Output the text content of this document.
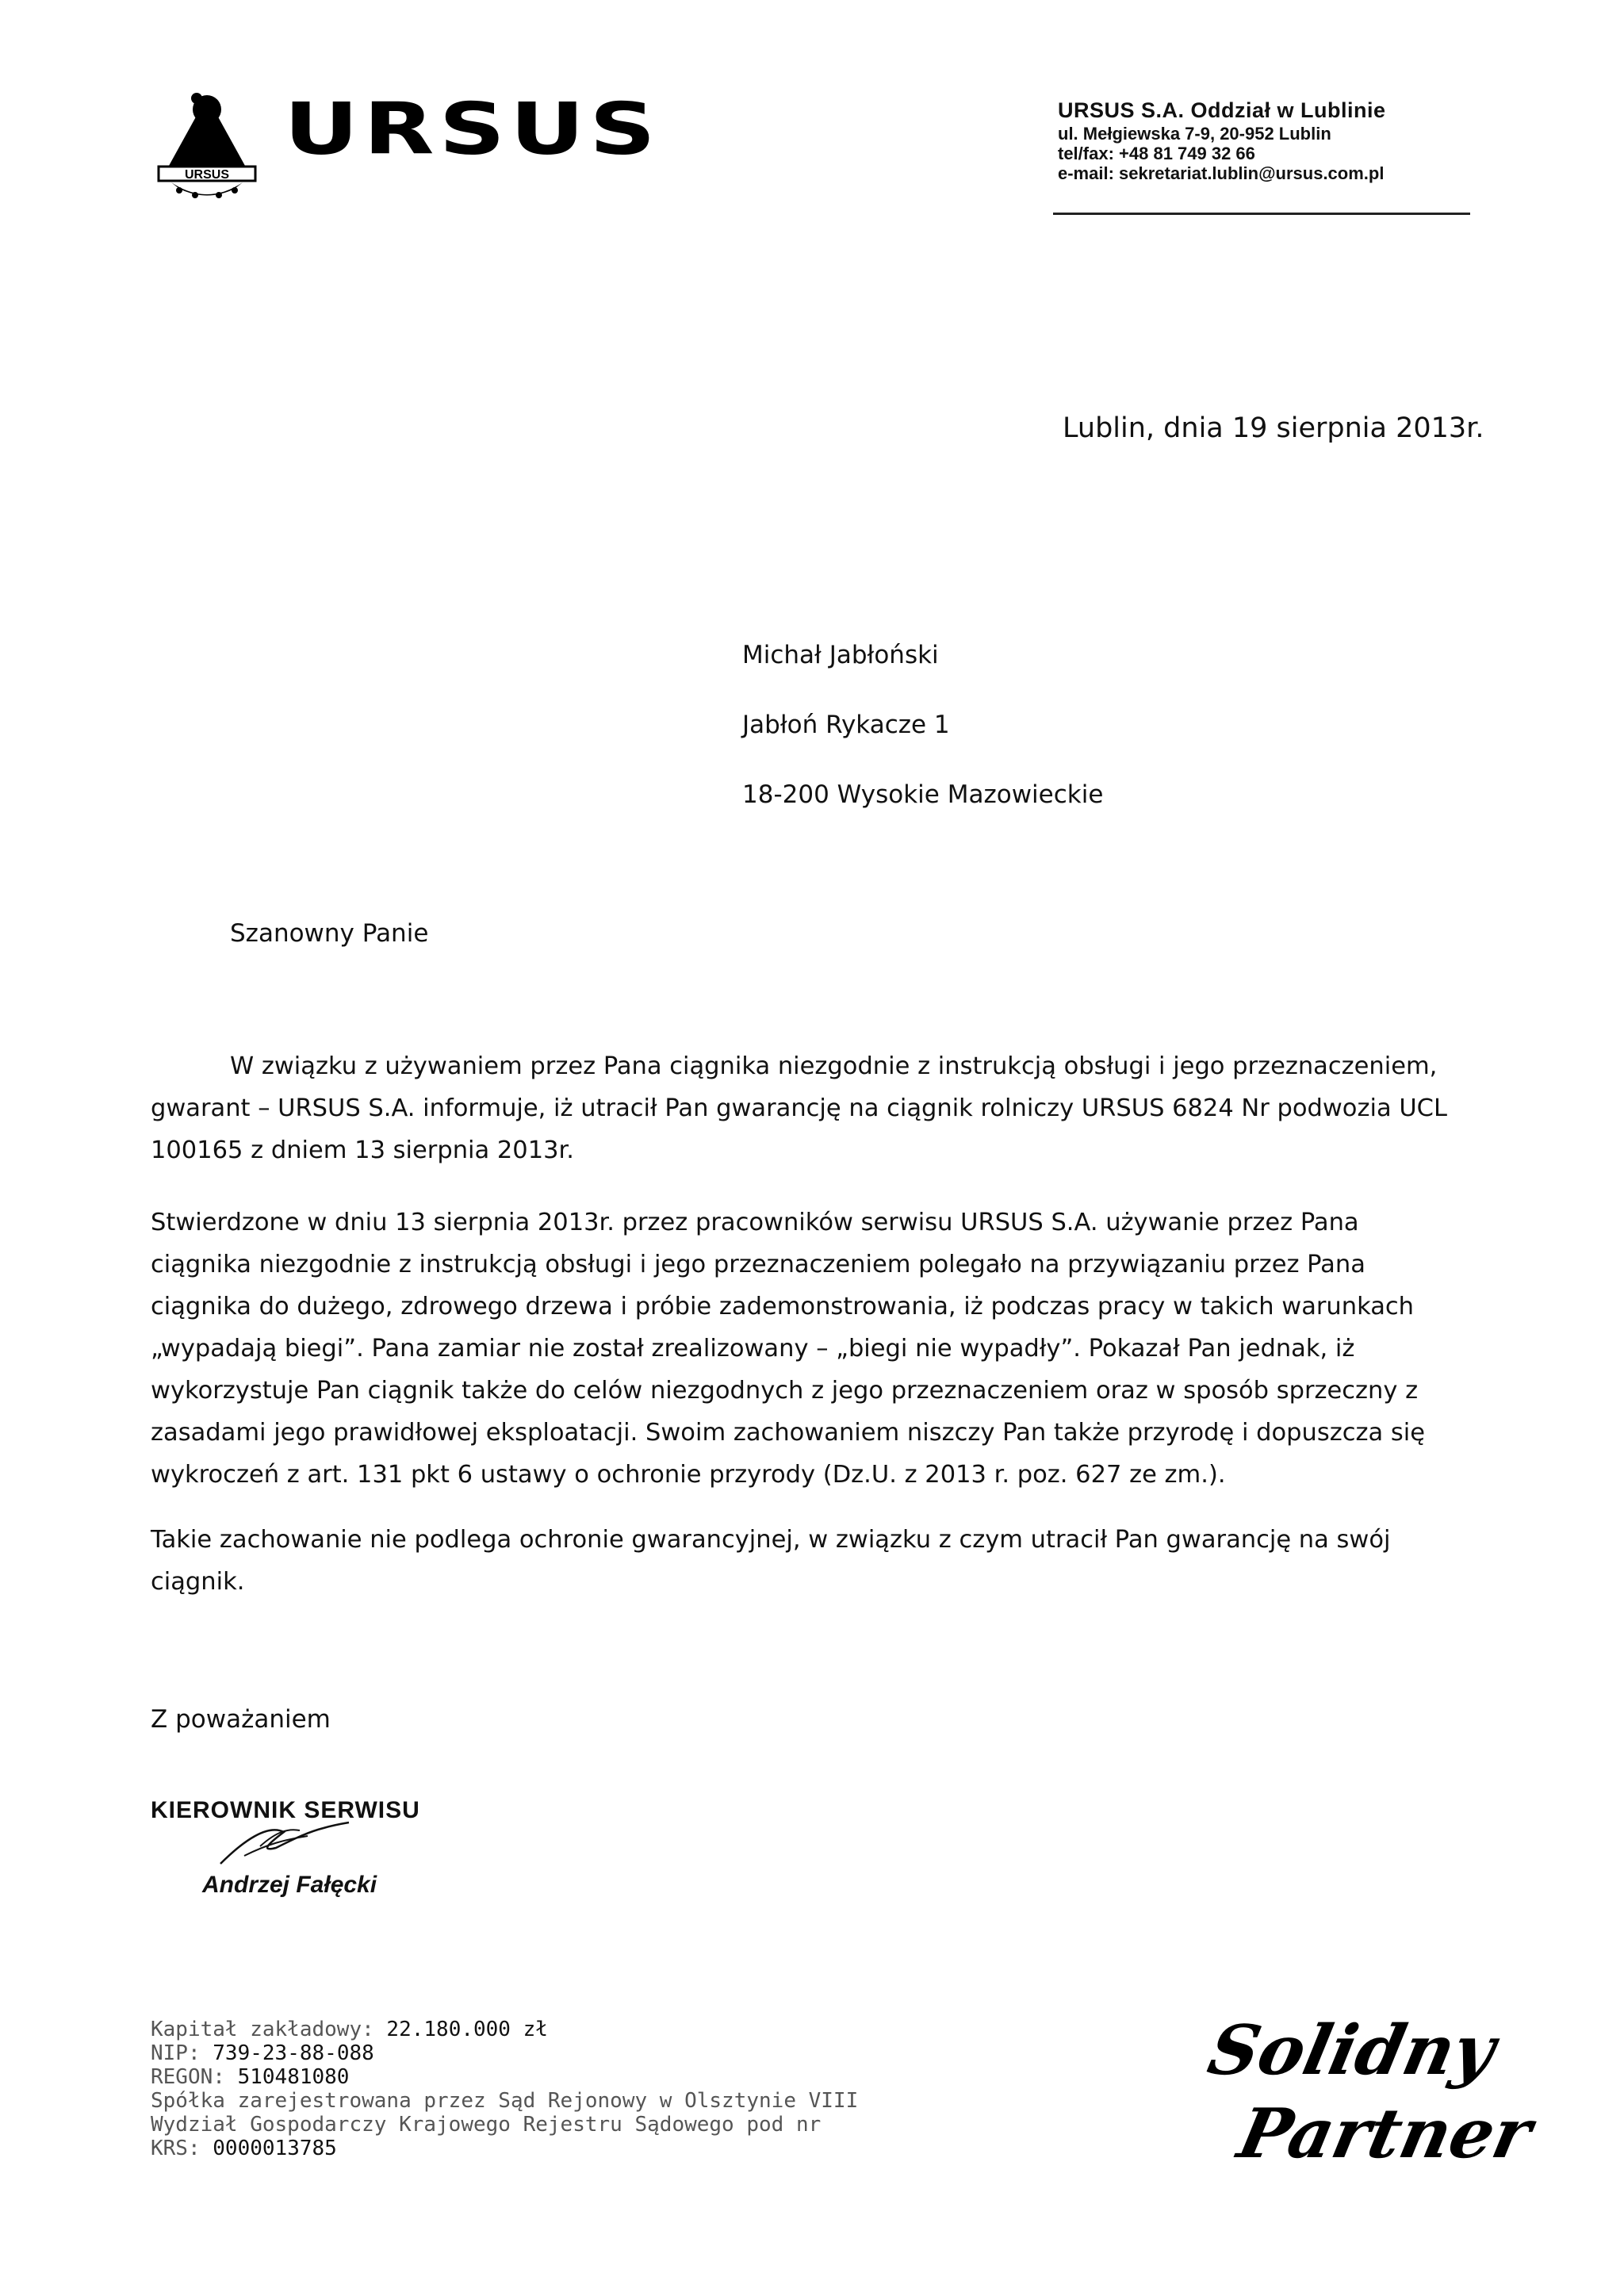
URSUS
URSUS	URSUS S.A. Oddział w Lublinie
ul. Mełgiewska 7-9, 20-952 Lublin
tel/fax: +48 81 749 32 66
e-mail: sekretariat.lublin@ursus.com.pl
Lublin, dnia 19 sierpnia 2013r.
Michał Jabłoński
Jabłoń Rykacze 1
18-200 Wysokie Mazowieckie
Szanowny Panie
W związku z używaniem przez Pana ciągnika niezgodnie z instrukcją obsługi i jego przeznaczeniem, gwarant – URSUS S.A. informuje, iż utracił Pan gwarancję na ciągnik rolniczy URSUS 6824 Nr podwozia UCL 100165 z dniem 13 sierpnia 2013r.
Stwierdzone w dniu 13 sierpnia 2013r. przez pracowników serwisu URSUS S.A. używanie przez Pana ciągnika niezgodnie z instrukcją obsługi i jego przeznaczeniem polegało na przywiązaniu przez Pana ciągnika do dużego, zdrowego drzewa i próbie zademonstrowania, iż podczas pracy w takich warunkach „wypadają biegi”. Pana zamiar nie został zrealizowany – „biegi nie wypadły”. Pokazał Pan jednak, iż wykorzystuje Pan ciągnik także do celów niezgodnych z jego przeznaczeniem oraz w sposób sprzeczny z zasadami jego prawidłowej eksploatacji. Swoim zachowaniem niszczy Pan także przyrodę i dopuszcza się wykroczeń z art. 131 pkt 6 ustawy o ochronie przyrody (Dz.U. z 2013 r. poz. 627 ze zm.).
Takie zachowanie nie podlega ochronie gwarancyjnej, w związku z czym utracił Pan gwarancję na swój ciągnik.
Z poważaniem
KIEROWNIK SERWISU
Andrzej Fałęcki
Kapitał zakładowy: 22.180.000 zł
NIP: 739-23-88-088
REGON: 510481080
Spółka zarejestrowana przez Sąd Rejonowy w Olsztynie VIII
Wydział Gospodarczy Krajowego Rejestru Sądowego pod nr
KRS: 0000013785
Solidny
Partner
